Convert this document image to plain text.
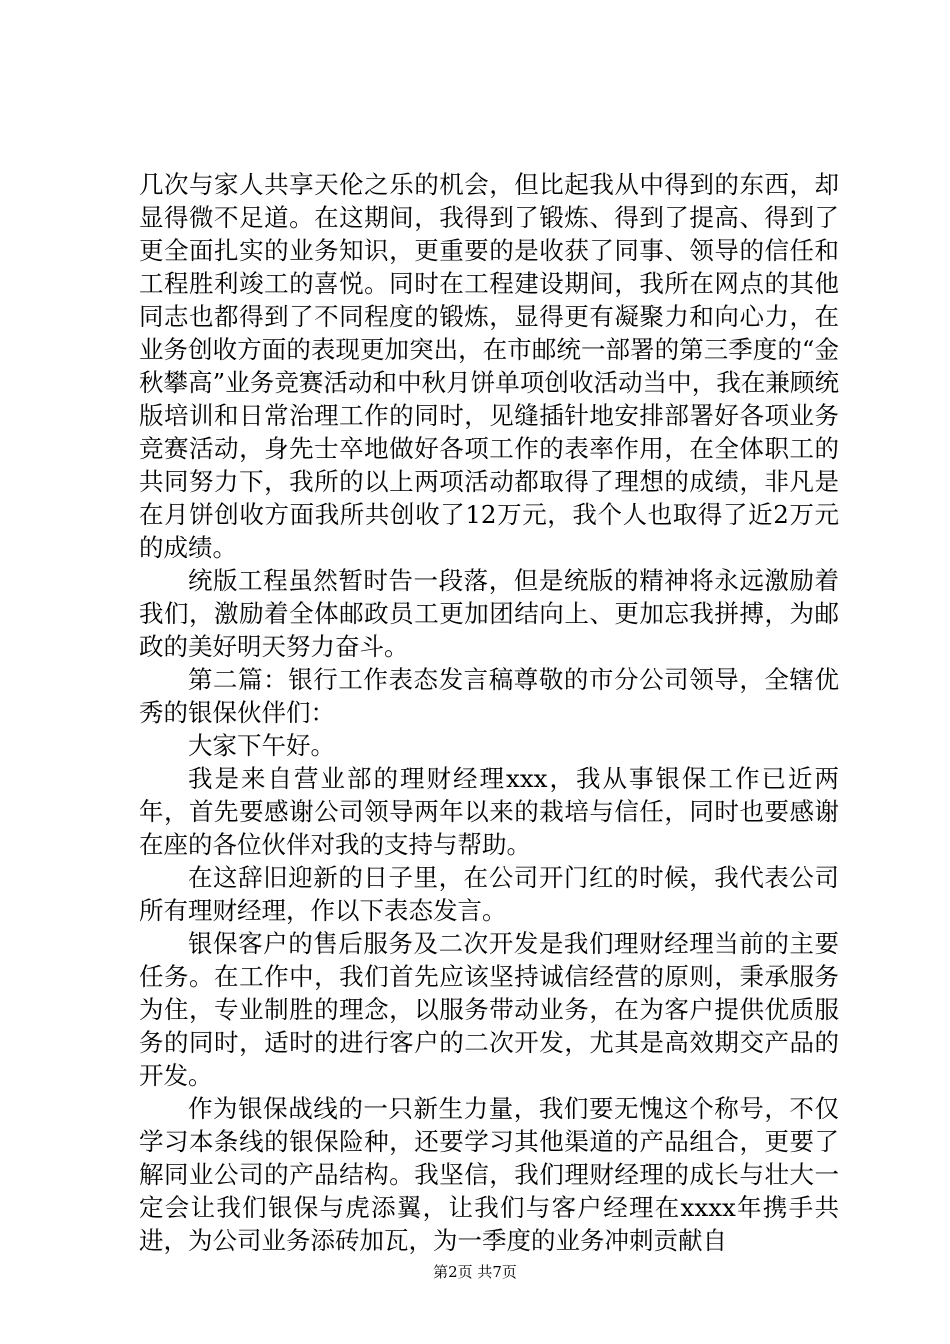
几次与家人共享天伦之乐的机会，但比起我从中得到的东西，却显得微不足道。在这期间，我得到了锻炼、得到了提高、得到了更全面扎实的业务知识，更重要的是收获了同事、领导的信任和工程胜利竣工的喜悦。同时在工程建设期间，我所在网点的其他同志也都得到了不同程度的锻炼，显得更有凝聚力和向心力，在业务创收方面的表现更加突出，在市邮统一部署的第三季度的“金秋攀高”业务竞赛活动和中秋月饼单项创收活动当中，我在兼顾统版培训和日常治理工作的同时，见缝插针地安排部署好各项业务竞赛活动，身先士卒地做好各项工作的表率作用，在全体职工的共同努力下，我所的以上两项活动都取得了理想的成绩，非凡是在月饼创收方面我所共创收了12万元，我个人也取得了近2万元的成绩。

统版工程虽然暂时告一段落，但是统版的精神将永远激励着我们，激励着全体邮政员工更加团结向上、更加忘我拼搏，为邮政的美好明天努力奋斗。

第二篇：银行工作表态发言稿尊敬的市分公司领导，全辖优秀的银保伙伴们：

大家下午好。

我是来自营业部的理财经理xxx，我从事银保工作已近两年，首先要感谢公司领导两年以来的栽培与信任，同时也要感谢在座的各位伙伴对我的支持与帮助。

在这辞旧迎新的日子里，在公司开门红的时候，我代表公司所有理财经理，作以下表态发言。

银保客户的售后服务及二次开发是我们理财经理当前的主要任务。在工作中，我们首先应该坚持诚信经营的原则，秉承服务为住，专业制胜的理念，以服务带动业务，在为客户提供优质服务的同时，适时的进行客户的二次开发，尤其是高效期交产品的开发。

作为银保战线的一只新生力量，我们要无愧这个称号，不仅学习本条线的银保险种，还要学习其他渠道的产品组合，更要了解同业公司的产品结构。我坚信，我们理财经理的成长与壮大一定会让我们银保与虎添翼，让我们与客户经理在xxxx年携手共进，为公司业务添砖加瓦，为一季度的业务冲刺贡献自

第2页 共7页
